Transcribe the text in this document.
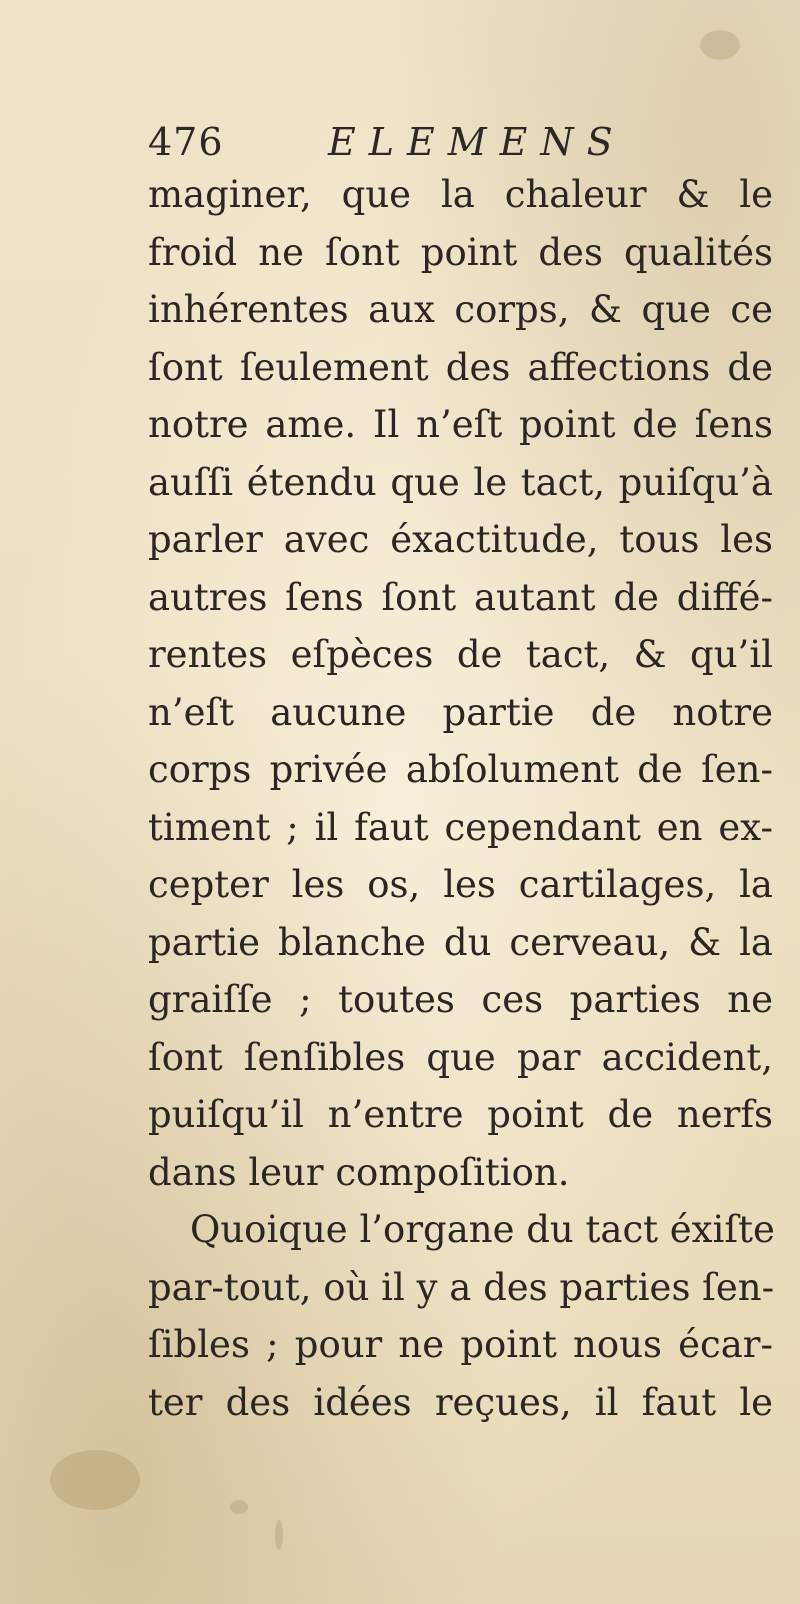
476	ELEMENS
maginer, que la chaleur & le
froid ne ſont point des qualités
inhérentes aux corps, & que ce
ſont ſeulement des affections de
notre ame. Il n’eſt point de ſens
auſſi étendu que le tact, puiſqu’à
parler avec éxactitude, tous les
autres ſens ſont autant de diffé-
rentes eſpèces de tact, & qu’il
n’eſt aucune partie de notre
corps privée abſolument de ſen-
timent ; il faut cependant en ex-
cepter les os, les cartilages, la
partie blanche du cerveau, & la
graiſſe ; toutes ces parties ne
ſont ſenſibles que par accident,
puiſqu’il n’entre point de nerfs
dans leur compoſition.
Quoique l’organe du tact éxiſte
par-tout, où il y a des parties ſen-
ſibles ; pour ne point nous écar-
ter des idées reçues, il faut le
